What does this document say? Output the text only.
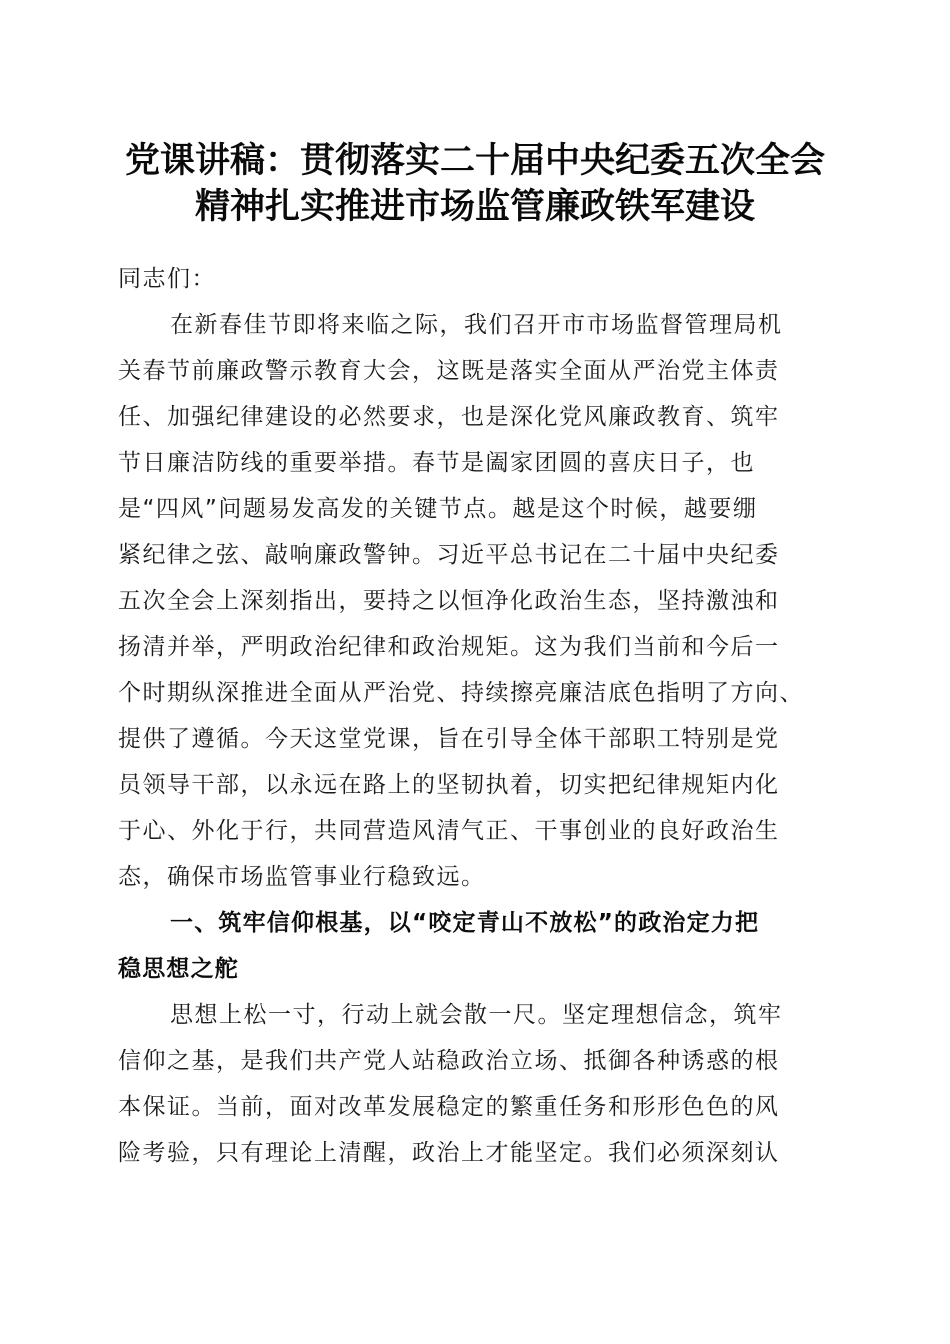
党课讲稿：贯彻落实二十届中央纪委五次全会
精神扎实推进市场监管廉政铁军建设
同志们：
在新春佳节即将来临之际，我们召开市市场监督管理局机
关春节前廉政警示教育大会，这既是落实全面从严治党主体责
任、加强纪律建设的必然要求，也是深化党风廉政教育、筑牢
节日廉洁防线的重要举措。春节是阖家团圆的喜庆日子，也
是“四风”问题易发高发的关键节点。越是这个时候，越要绷
紧纪律之弦、敲响廉政警钟。习近平总书记在二十届中央纪委
五次全会上深刻指出，要持之以恒净化政治生态，坚持激浊和
扬清并举，严明政治纪律和政治规矩。这为我们当前和今后一
个时期纵深推进全面从严治党、持续擦亮廉洁底色指明了方向、
提供了遵循。今天这堂党课，旨在引导全体干部职工特别是党
员领导干部，以永远在路上的坚韧执着，切实把纪律规矩内化
于心、外化于行，共同营造风清气正、干事创业的良好政治生
态，确保市场监管事业行稳致远。
一、筑牢信仰根基，以“咬定青山不放松”的政治定力把
稳思想之舵
思想上松一寸，行动上就会散一尺。坚定理想信念，筑牢
信仰之基，是我们共产党人站稳政治立场、抵御各种诱惑的根
本保证。当前，面对改革发展稳定的繁重任务和形形色色的风
险考验，只有理论上清醒，政治上才能坚定。我们必须深刻认
